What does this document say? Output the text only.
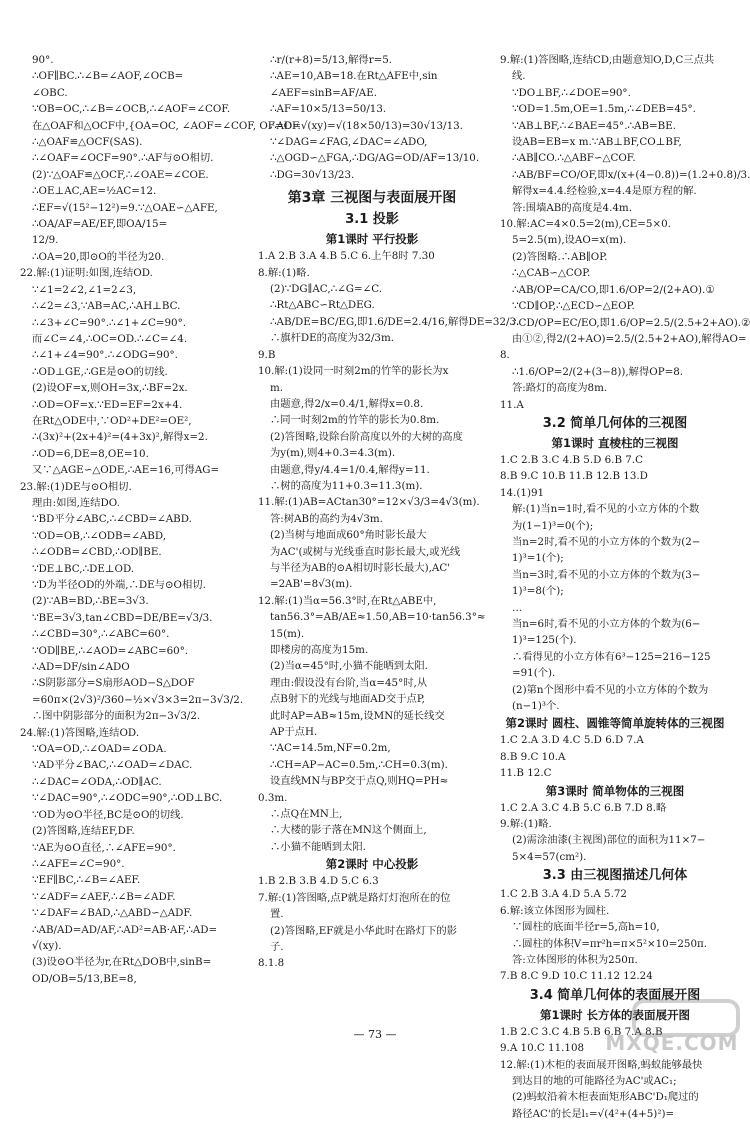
90°.

∴OF∥BC.∴∠B=∠AOF,∠OCB=

∠OBC.

∵OB=OC,∴∠B=∠OCB,∴∠AOF=∠COF.

在△OAF和△OCF中,{OA=OC, ∠AOF=∠COF, OF=OF.

∴△OAF≌△OCF(SAS).

∴∠OAF=∠OCF=90°.∴AF与⊙O相切.

(2)∵△OAF≌△OCF,∴∠OAE=∠COE.

∴OE⊥AC,AE=½AC=12.

∴EF=√(15²−12²)=9.∵△OAE∽△AFE,

∴OA/AF=AE/EF,即OA/15=

12/9.

∴OA=20,即⊙O的半径为20.

22.解:(1)证明:如图,连结OD.

∵∠1=2∠2,∠1=2∠3,

∴∠2=∠3,∵AB=AC,∴AH⊥BC.

∴∠3+∠C=90°.∴∠1+∠C=90°.

而∠C=∠4,∴OC=OD.∴∠C=∠4.

∴∠1+∠4=90°.∴∠ODG=90°.

∴OD⊥GE,∴GE是⊙O的切线.

(2)设OF=x,则OH=3x,∴BF=2x.

∴OD=OF=x.∵ED=EF=2x+4.

在Rt△ODE中,∵OD²+DE²=OE²,

∴(3x)²+(2x+4)²=(4+3x)²,解得x=2.

∴OD=6,DE=8,OE=10.

又∵△AGE∽△ODE,∴AE=16,可得AG=

23.解:(1)DE与⊙O相切.

理由:如图,连结DO.

∵BD平分∠ABC,∴∠CBD=∠ABD.

∵OD=OB,∴∠ODB=∠ABD,

∴∠ODB=∠CBD,∴OD∥BE.

∵DE⊥BC,∴DE⊥OD.

∵D为半径OD的外端,∴DE与⊙O相切.

(2)∵AB=BD,∴BE=3√3.

∵BE=3√3,tan∠CBD=DE/BE=√3/3.

∴∠CBD=30°,∴∠ABC=60°.

∵OD∥BE,∴∠AOD=∠ABC=60°.

∴AD=DF/sin∠ADO

∴S阴影部分=S扇形AOD−S△DOF

=60π×(2√3)²/360−½×√3×3=2π−3√3/2.

∴图中阴影部分的面积为2π−3√3/2.

24.解:(1)答图略,连结OD.

∵OA=OD,∴∠OAD=∠ODA.

∵AD平分∠BAC,∴∠OAD=∠DAC.

∴∠DAC=∠ODA,∴OD∥AC.

∵∠DAC=90°,∴∠ODC=90°,∴OD⊥BC.

∵OD为⊙O半径,BC是⊙O的切线.

(2)答图略,连结EF,DF.

∵AE为⊙O直径,∴∠AFE=90°.

∴∠AFE=∠C=90°.

∵EF∥BC,∴∠B=∠AEF.

∵∠ADF=∠AEF,∴∠B=∠ADF.

∵∠DAF=∠BAD,∴△ABD∽△ADF.

∴AB/AD=AD/AF,∴AD²=AB·AF,∴AD=

√(xy).

(3)设⊙O半径为r,在Rt△DOB中,sinB=

OD/OB=5/13,BE=8,

∴r/(r+8)=5/13,解得r=5.

∴AE=10,AB=18.在Rt△AFE中,sin

∠AEF=sinB=AF/AE.

∴AF=10×5/13=50/13.

∴AD=√(xy)=√(18×50/13)=30√13/13.

∵∠DAG=∠FAG,∠DAC=∠ADO,

∴△OGD∽△FGA,∴DG/AG=OD/AF=13/10.

∴DG=30√13/23.

第3章 三视图与表面展开图
3.1 投影
第1课时 平行投影

1.A 2.B 3.A 4.B 5.C 6.上午8时 7.30

8.解:(1)略.

(2)∵DG∥AC,∴∠G=∠C.

∴Rt△ABC∽Rt△DEG.

∴AB/DE=BC/EG,即1.6/DE=2.4/16,解得DE=32/3.

∴旗杆DE的高度为32/3m.

9.B

10.解:(1)设同一时刻2m的竹竿的影长为x

m.

由题意,得2/x=0.4/1,解得x=0.8.

∴同一时刻2m的竹竿的影长为0.8m.

(2)答图略,设除台阶高度以外的大树的高度

为y(m),则4+0.3=4.3(m).

由题意,得y/4.4=1/0.4,解得y=11.

∴树的高度为11+0.3=11.3(m).

11.解:(1)AB=ACtan30°=12×√3/3=4√3(m).

答:树AB的高约为4√3m.

(2)当树与地面成60°角时影长最大

为AC'(或树与光线垂直时影长最大,或光线

与半径为AB的⊙A相切时影长最大),AC'

=2AB'=8√3(m).

12.解:(1)当α=56.3°时,在Rt△ABE中,

tan56.3°=AB/AE≈1.50,AB=10·tan56.3°≈

15(m).

即楼房的高度为15m.

(2)当α=45°时,小猫不能晒到太阳.

理由:假设没有台阶,当α=45°时,从

点B射下的光线与地面AD交于点P,

此时AP=AB≈15m,设MN的延长线交

AP于点H.

∵AC=14.5m,NF=0.2m,

∴CH=AP−AC=0.5m,∴CH=0.3(m).

设直线MN与BP交于点Q,则HQ=PH≈

0.3m.

∴点Q在MN上,

∴大楼的影子落在MN这个侧面上,

∴小猫不能晒到太阳.

第2课时 中心投影

1.B 2.B 3.B 4.D 5.C 6.3

7.解:(1)答图略,点P就是路灯灯泡所在的位

置.

(2)答图略,EF就是小华此时在路灯下的影

子.

8.1.8

9.解:(1)答图略,连结CD,由题意知O,D,C三点共

线.

∵DO⊥BF,∴∠DOE=90°.

∵OD=1.5m,OE=1.5m,∴∠DEB=45°.

∵AB⊥BF,∴∠BAE=45°.∴AB=BE.

设AB=EB=x m.∵AB⊥BF,CO⊥BF,

∴AB∥CO.∴△ABF∽△COF.

∴AB/BF=CO/OF,即x/(x+(4−0.8))=(1.2+0.8)/3.

解得x=4.4.经检验,x=4.4是原方程的解.

答:围墙AB的高度是4.4m.

10.解:AC=4×0.5=2(m),CE=5×0.

5=2.5(m),设AO=x(m).

(2)答图略.∴AB∥OP.

∴△CAB∽△COP.

∴AB/OP=CA/CO,即1.6/OP=2/(2+AO).①

∵CD∥OP,∴△ECD∽△EOP.

∴CD/OP=EC/EO,即1.6/OP=2.5/(2.5+2+AO).②

由①②,得2/(2+AO)=2.5/(2.5+2+AO),解得AO=

8.

∴1.6/OP=2/(2+(3−8)),解得OP=8.

答:路灯的高度为8m.

11.A

3.2 简单几何体的三视图
第1课时 直棱柱的三视图

1.C 2.B 3.C 4.B 5.D 6.B 7.C

8.B 9.C 10.B 11.B 12.B 13.D

14.(1)91

解:(1)当n=1时,看不见的小立方体的个数

为(1−1)³=0(个);

当n=2时,看不见的小立方体的个数为(2−

1)³=1(个);

当n=3时,看不见的小立方体的个数为(3−

1)³=8(个);

…

当n=6时,看不见的小立方体的个数为(6−

1)³=125(个).

∴看得见的小立方体有6³−125=216−125

=91(个).

(2)第n个图形中看不见的小立方体的个数为

(n−1)³个.

第2课时 圆柱、圆锥等简单旋转体的三视图

1.C 2.A 3.D 4.C 5.D 6.D 7.A

8.B 9.C 10.A

11.B 12.C

第3课时 简单物体的三视图

1.C 2.A 3.C 4.B 5.C 6.B 7.D 8.略

9.解:(1)略.

(2)需涂油漆(主视图)部位的面积为11×7−

5×4=57(cm²).

3.3 由三视图描述几何体

1.C 2.B 3.A 4.D 5.A 5.72

6.解:该立体图形为圆柱.

∵圆柱的底面半径r=5,高h=10,

∴圆柱的体积V=πr²h=π×5²×10=250π.

答:立体图形的体积为250π.

7.B 8.C 9.D 10.C 11.12 12.24

3.4 简单几何体的表面展开图
第1课时 长方体的表面展开图

1.B 2.C 3.C 4.B 5.B 6.B 7.A 8.B

9.A 10.C 11.108

12.解:(1)木柜的表面展开图略,蚂蚁能够最快

到达目的地的可能路径为AC'或AC₁;

(2)蚂蚁沿着木柜表面矩形ABC'D₁爬过的

路径AC'的长是l₁=√(4²+(4+5)²)=

— 73 —	MXQE.COM
